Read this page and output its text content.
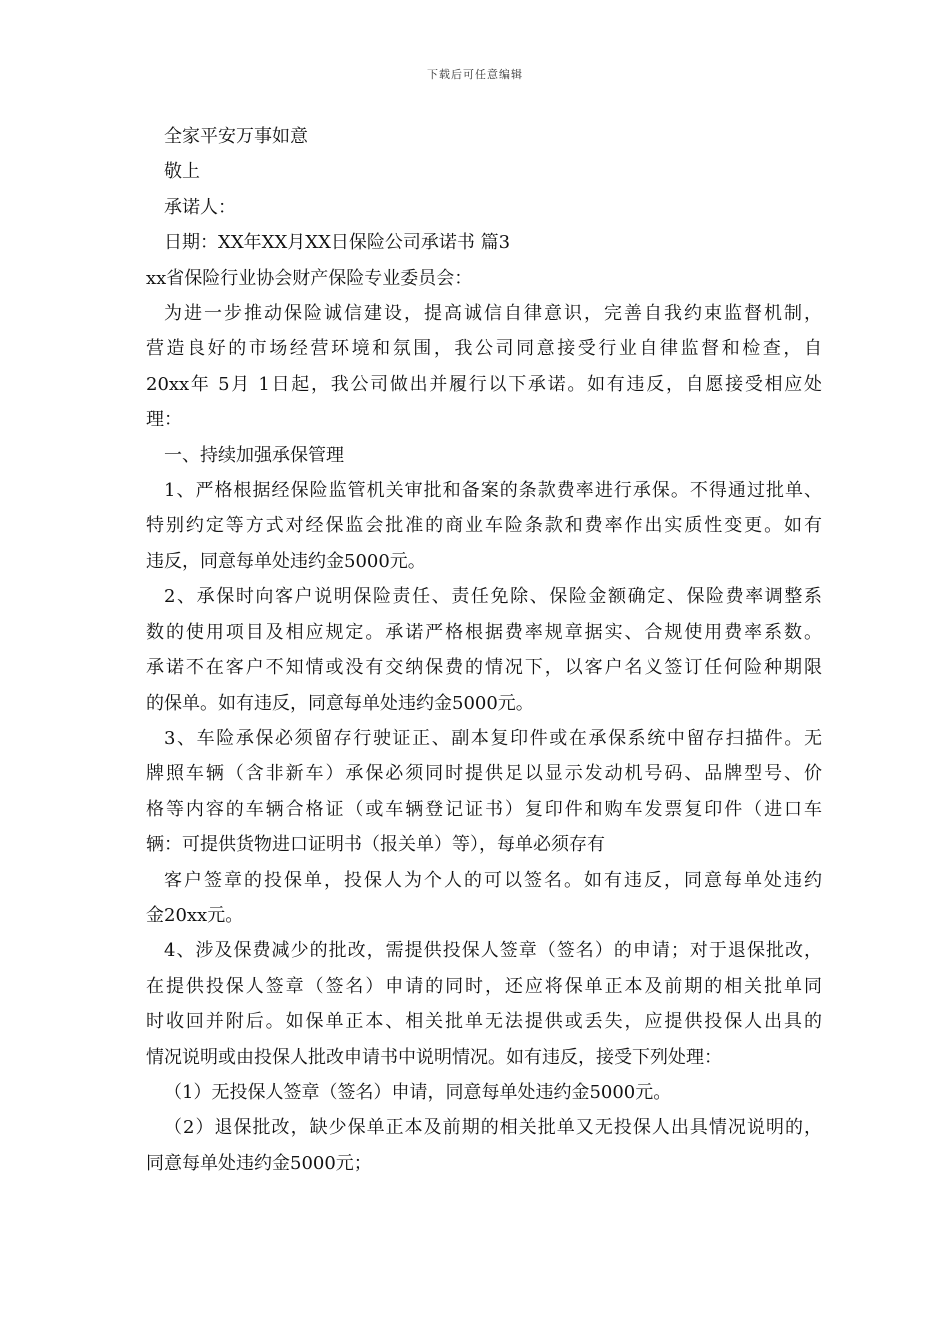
下载后可任意编辑

全家平安万事如意

敬上

承诺人：

日期：XX年XX月XX日保险公司承诺书 篇3

xx省保险行业协会财产保险专业委员会：

为进一步推动保险诚信建设，提高诚信自律意识，完善自我约束监督机制，

营造良好的市场经营环境和氛围，我公司同意接受行业自律监督和检查，自

20xx年 5月 1日起，我公司做出并履行以下承诺。如有违反，自愿接受相应处

理：

一、持续加强承保管理

1、严格根据经保险监管机关审批和备案的条款费率进行承保。不得通过批单、

特别约定等方式对经保监会批准的商业车险条款和费率作出实质性变更。如有

违反，同意每单处违约金5000元。

2、承保时向客户说明保险责任、责任免除、保险金额确定、保险费率调整系

数的使用项目及相应规定。承诺严格根据费率规章据实、合规使用费率系数。

承诺不在客户不知情或没有交纳保费的情况下，以客户名义签订任何险种期限

的保单。如有违反，同意每单处违约金5000元。

3、车险承保必须留存行驶证正、副本复印件或在承保系统中留存扫描件。无

牌照车辆（含非新车）承保必须同时提供足以显示发动机号码、品牌型号、价

格等内容的车辆合格证（或车辆登记证书）复印件和购车发票复印件（进口车

辆：可提供货物进口证明书（报关单）等），每单必须存有

客户签章的投保单，投保人为个人的可以签名。如有违反，同意每单处违约

金20xx元。

4、涉及保费减少的批改，需提供投保人签章（签名）的申请；对于退保批改，

在提供投保人签章（签名）申请的同时，还应将保单正本及前期的相关批单同

时收回并附后。如保单正本、相关批单无法提供或丢失，应提供投保人出具的

情况说明或由投保人批改申请书中说明情况。如有违反，接受下列处理：

（1）无投保人签章（签名）申请，同意每单处违约金5000元。

（2）退保批改，缺少保单正本及前期的相关批单又无投保人出具情况说明的，

同意每单处违约金5000元；
